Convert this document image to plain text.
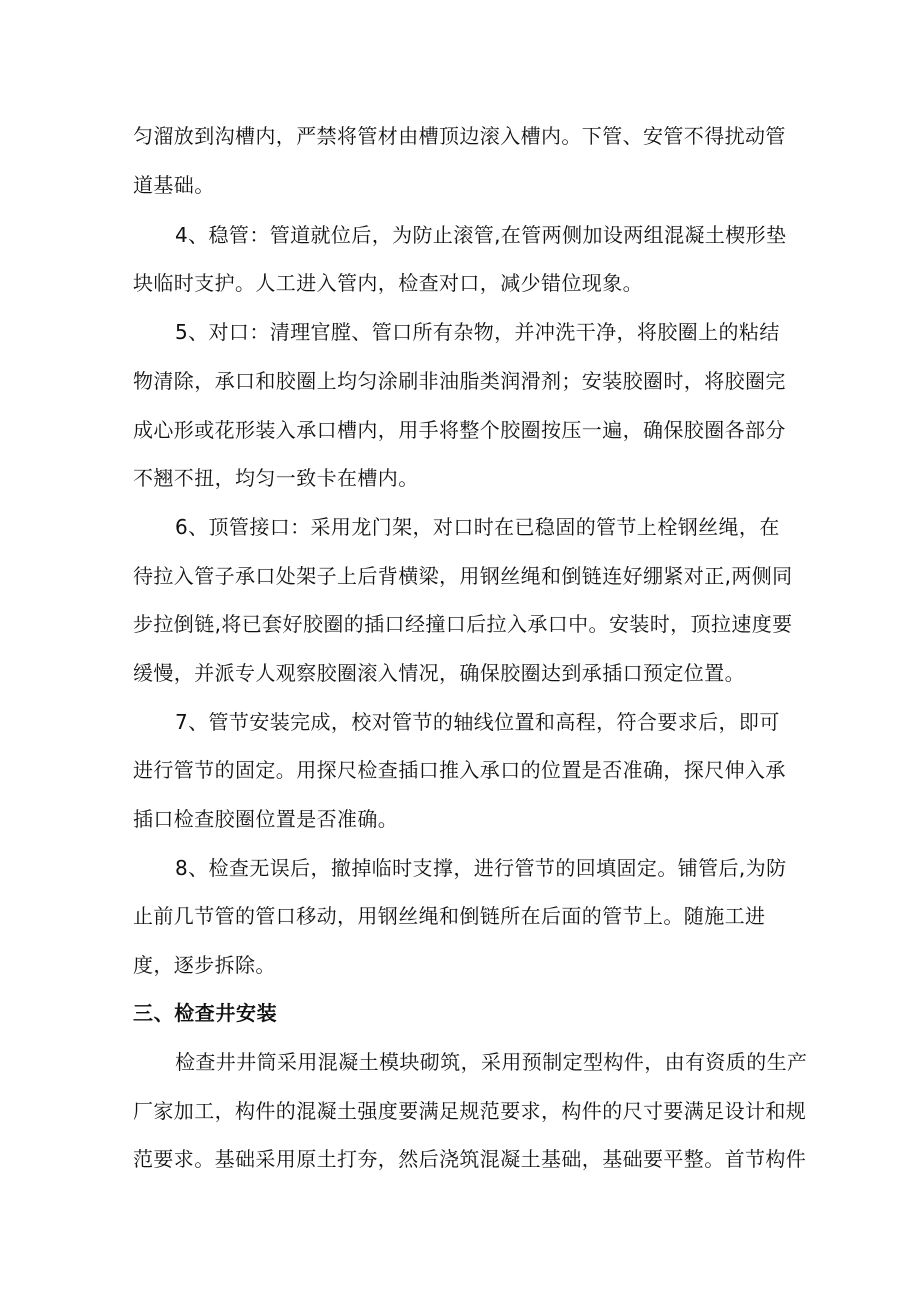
匀溜放到沟槽内，严禁将管材由槽顶边滚入槽内。下管、安管不得扰动管
道基础。
4、稳管：管道就位后，为防止滚管,在管两侧加设两组混凝土楔形垫
块临时支护。人工进入管内，检查对口，减少错位现象。
5、对口：清理官膛、管口所有杂物，并冲洗干净，将胶圈上的粘结
物清除，承口和胶圈上均匀涂刷非油脂类润滑剂；安装胶圈时，将胶圈完
成心形或花形装入承口槽内，用手将整个胶圈按压一遍，确保胶圈各部分
不翘不扭，均匀一致卡在槽内。
6、顶管接口：采用龙门架，对口时在已稳固的管节上栓钢丝绳，在
待拉入管子承口处架子上后背横梁，用钢丝绳和倒链连好绷紧对正,两侧同
步拉倒链,将已套好胶圈的插口经撞口后拉入承口中。安装时，顶拉速度要
缓慢，并派专人观察胶圈滚入情况，确保胶圈达到承插口预定位置。
7、管节安装完成，校对管节的轴线位置和高程，符合要求后，即可
进行管节的固定。用探尺检查插口推入承口的位置是否准确，探尺伸入承
插口检查胶圈位置是否准确。
8、检查无误后，撤掉临时支撑，进行管节的回填固定。铺管后,为防
止前几节管的管口移动，用钢丝绳和倒链所在后面的管节上。随施工进
度，逐步拆除。
三、检查井安装
检查井井筒采用混凝土模块砌筑，采用预制定型构件，由有资质的生产
厂家加工，构件的混凝土强度要满足规范要求，构件的尺寸要满足设计和规
范要求。基础采用原土打夯，然后浇筑混凝土基础，基础要平整。首节构件
